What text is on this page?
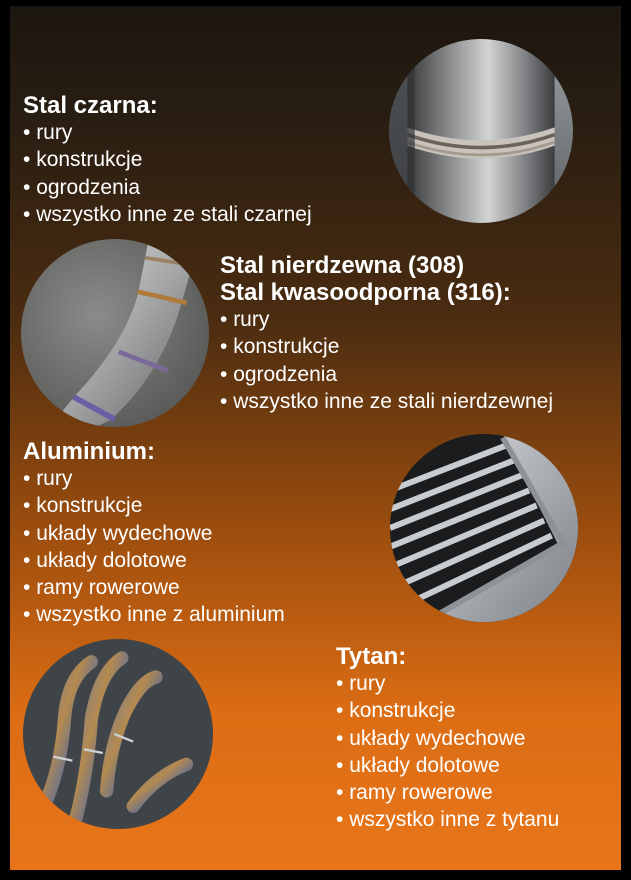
Stal czarna:
• rury
• konstrukcje
• ogrodzenia
• wszystko inne ze stali czarnej
Stal nierdzewna (308)
Stal kwasoodporna (316):
• rury
• konstrukcje
• ogrodzenia
• wszystko inne ze stali nierdzewnej
Aluminium:
• rury
• konstrukcje
• układy wydechowe
• układy dolotowe
• ramy rowerowe
• wszystko inne z aluminium
Tytan:
• rury
• konstrukcje
• układy wydechowe
• układy dolotowe
• ramy rowerowe
• wszystko inne z tytanu
